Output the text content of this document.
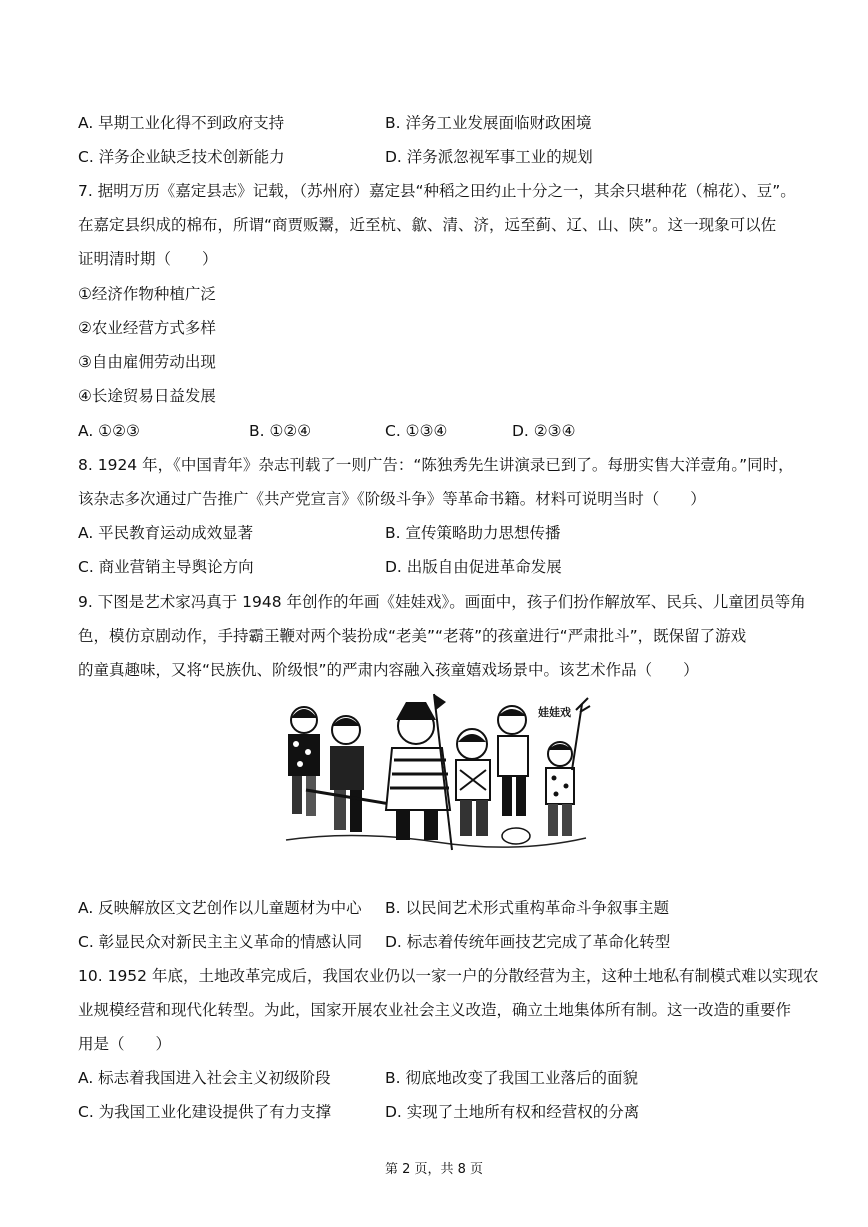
A. 早期工业化得不到政府支持	B. 洋务工业发展面临财政困境
C. 洋务企业缺乏技术创新能力	D. 洋务派忽视军事工业的规划
7. 据明万历《嘉定县志》记载，（苏州府）嘉定县“种稻之田约止十分之一，其余只堪种花（棉花）、豆”。
在嘉定县织成的棉布，所谓“商贾贩鬻，近至杭、歙、清、济，远至蓟、辽、山、陕”。这一现象可以佐
证明清时期（　　）
①经济作物种植广泛
②农业经营方式多样
③自由雇佣劳动出现
④长途贸易日益发展
A. ①②③	B. ①②④	C. ①③④	D. ②③④
8. 1924 年，《中国青年》杂志刊载了一则广告：“陈独秀先生讲演录已到了。每册实售大洋壹角。”同时，
该杂志多次通过广告推广《共产党宣言》《阶级斗争》等革命书籍。材料可说明当时（　　）
A. 平民教育运动成效显著	B. 宣传策略助力思想传播
C. 商业营销主导舆论方向	D. 出版自由促进革命发展
9. 下图是艺术家冯真于 1948 年创作的年画《娃娃戏》。画面中，孩子们扮作解放军、民兵、儿童团员等角
色，模仿京剧动作，手持霸王鞭对两个装扮成“老美”“老蒋”的孩童进行“严肃批斗”，既保留了游戏
的童真趣味，又将“民族仇、阶级恨”的严肃内容融入孩童嬉戏场景中。该艺术作品（　　）
娃娃戏
A. 反映解放区文艺创作以儿童题材为中心 B. 以民间艺术形式重构革命斗争叙事主题
C. 彰显民众对新民主主义革命的情感认同 D. 标志着传统年画技艺完成了革命化转型
10. 1952 年底，土地改革完成后，我国农业仍以一家一户的分散经营为主，这种土地私有制模式难以实现农
业规模经营和现代化转型。为此，国家开展农业社会主义改造，确立土地集体所有制。这一改造的重要作
用是（　　）
A. 标志着我国进入社会主义初级阶段	B. 彻底地改变了我国工业落后的面貌
C. 为我国工业化建设提供了有力支撑	D. 实现了土地所有权和经营权的分离
第 2 页，共 8 页
